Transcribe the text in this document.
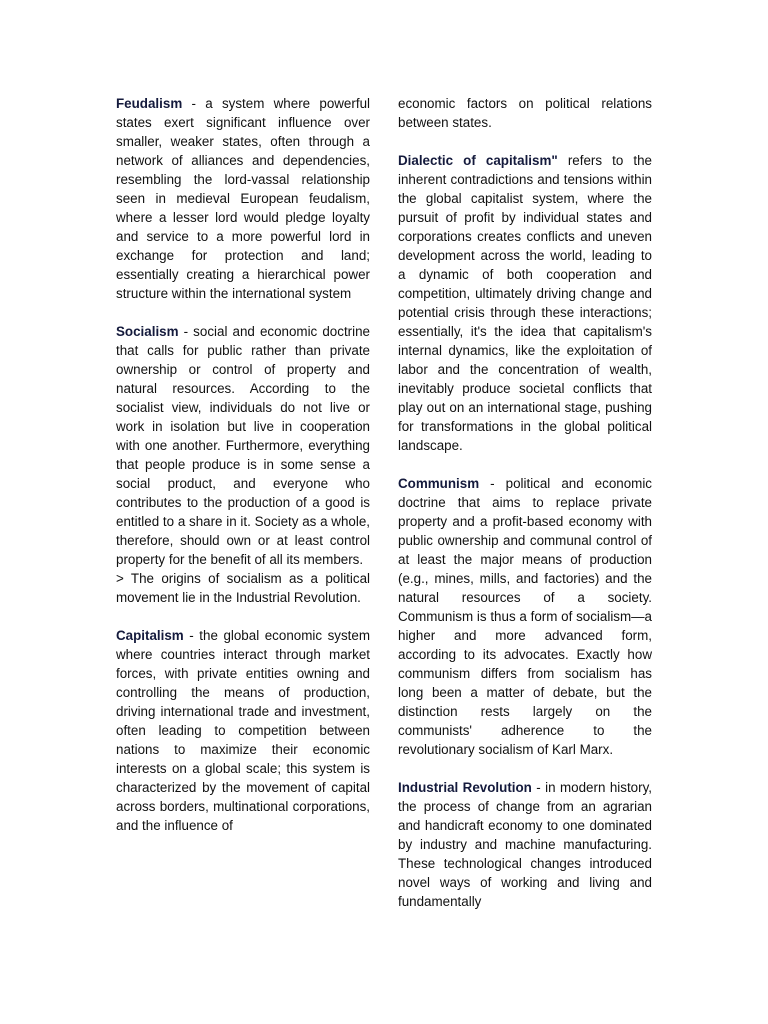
Feudalism - a system where powerful states exert significant influence over smaller, weaker states, often through a network of alliances and dependencies, resembling the lord-vassal relationship seen in medieval European feudalism, where a lesser lord would pledge loyalty and service to a more powerful lord in exchange for protection and land; essentially creating a hierarchical power structure within the international system

Socialism - social and economic doctrine that calls for public rather than private ownership or control of property and natural resources. According to the socialist view, individuals do not live or work in isolation but live in cooperation with one another. Furthermore, everything that people produce is in some sense a social product, and everyone who contributes to the production of a good is entitled to a share in it. Society as a whole, therefore, should own or at least control property for the benefit of all its members.

> The origins of socialism as a political movement lie in the Industrial Revolution.

Capitalism - the global economic system where countries interact through market forces, with private entities owning and controlling the means of production, driving international trade and investment, often leading to competition between nations to maximize their economic interests on a global scale; this system is characterized by the movement of capital across borders, multinational corporations, and the influence of

economic factors on political relations between states.

Dialectic of capitalism" refers to the inherent contradictions and tensions within the global capitalist system, where the pursuit of profit by individual states and corporations creates conflicts and uneven development across the world, leading to a dynamic of both cooperation and competition, ultimately driving change and potential crisis through these interactions; essentially, it's the idea that capitalism's internal dynamics, like the exploitation of labor and the concentration of wealth, inevitably produce societal conflicts that play out on an international stage, pushing for transformations in the global political landscape.

Communism - political and economic doctrine that aims to replace private property and a profit-based economy with public ownership and communal control of at least the major means of production (e.g., mines, mills, and factories) and the natural resources of a society. Communism is thus a form of socialism—a higher and more advanced form, according to its advocates. Exactly how communism differs from socialism has long been a matter of debate, but the distinction rests largely on the communists' adherence to the revolutionary socialism of Karl Marx.

Industrial Revolution - in modern history, the process of change from an agrarian and handicraft economy to one dominated by industry and machine manufacturing. These technological changes introduced novel ways of working and living and fundamentally
